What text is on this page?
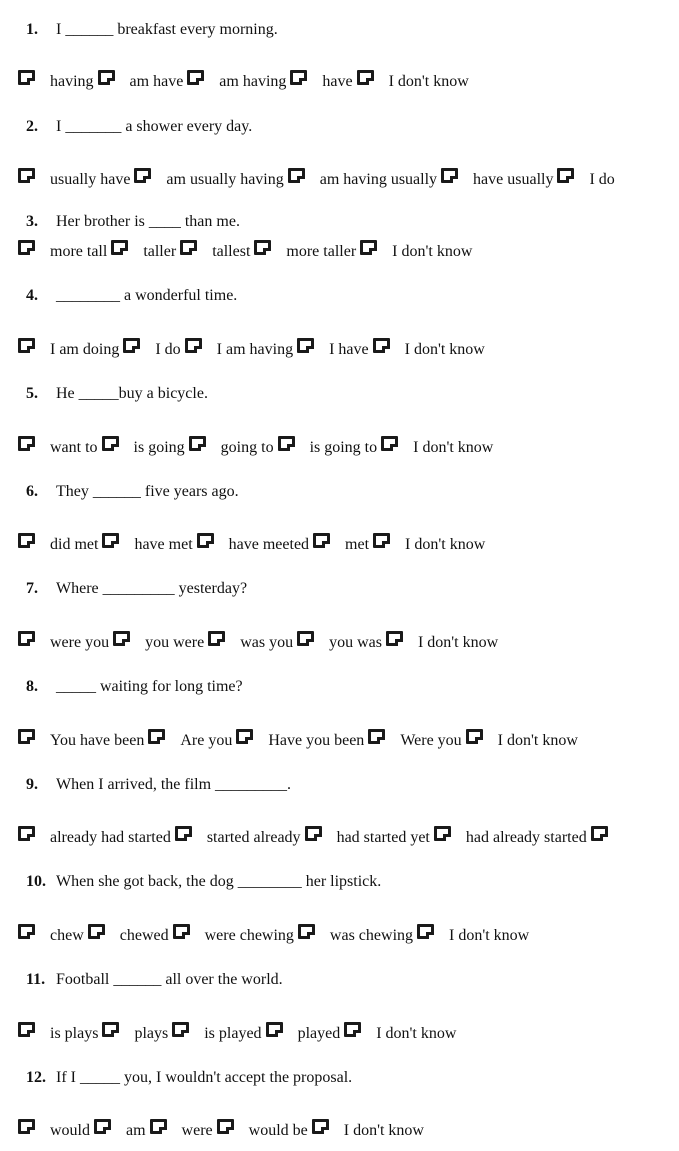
1. I ______ breakfast every morning.
having am have am having have I don't know
2. I _______ a shower every day.
usually have am usually having am having usually have usually I do
3. Her brother is ____ than me.
more tall taller tallest more taller I don't know
4. ________ a wonderful time.
I am doing I do I am having I have I don't know
5. He _____buy a bicycle.
want to is going going to is going to I don't know
6. They ______ five years ago.
did met have met have meeted met I don't know
7. Where _________ yesterday?
were you you were was you you was I don't know
8. _____ waiting for long time?
You have been Are you Have you been Were you I don't know
9. When I arrived, the film _________.
already had started started already had started yet had already started
10. When she got back, the dog ________ her lipstick.
chew chewed were chewing was chewing I don't know
11. Football ______ all over the world.
is plays plays is played played I don't know
12. If I _____ you, I wouldn't accept the proposal.
would am were would be I don't know
